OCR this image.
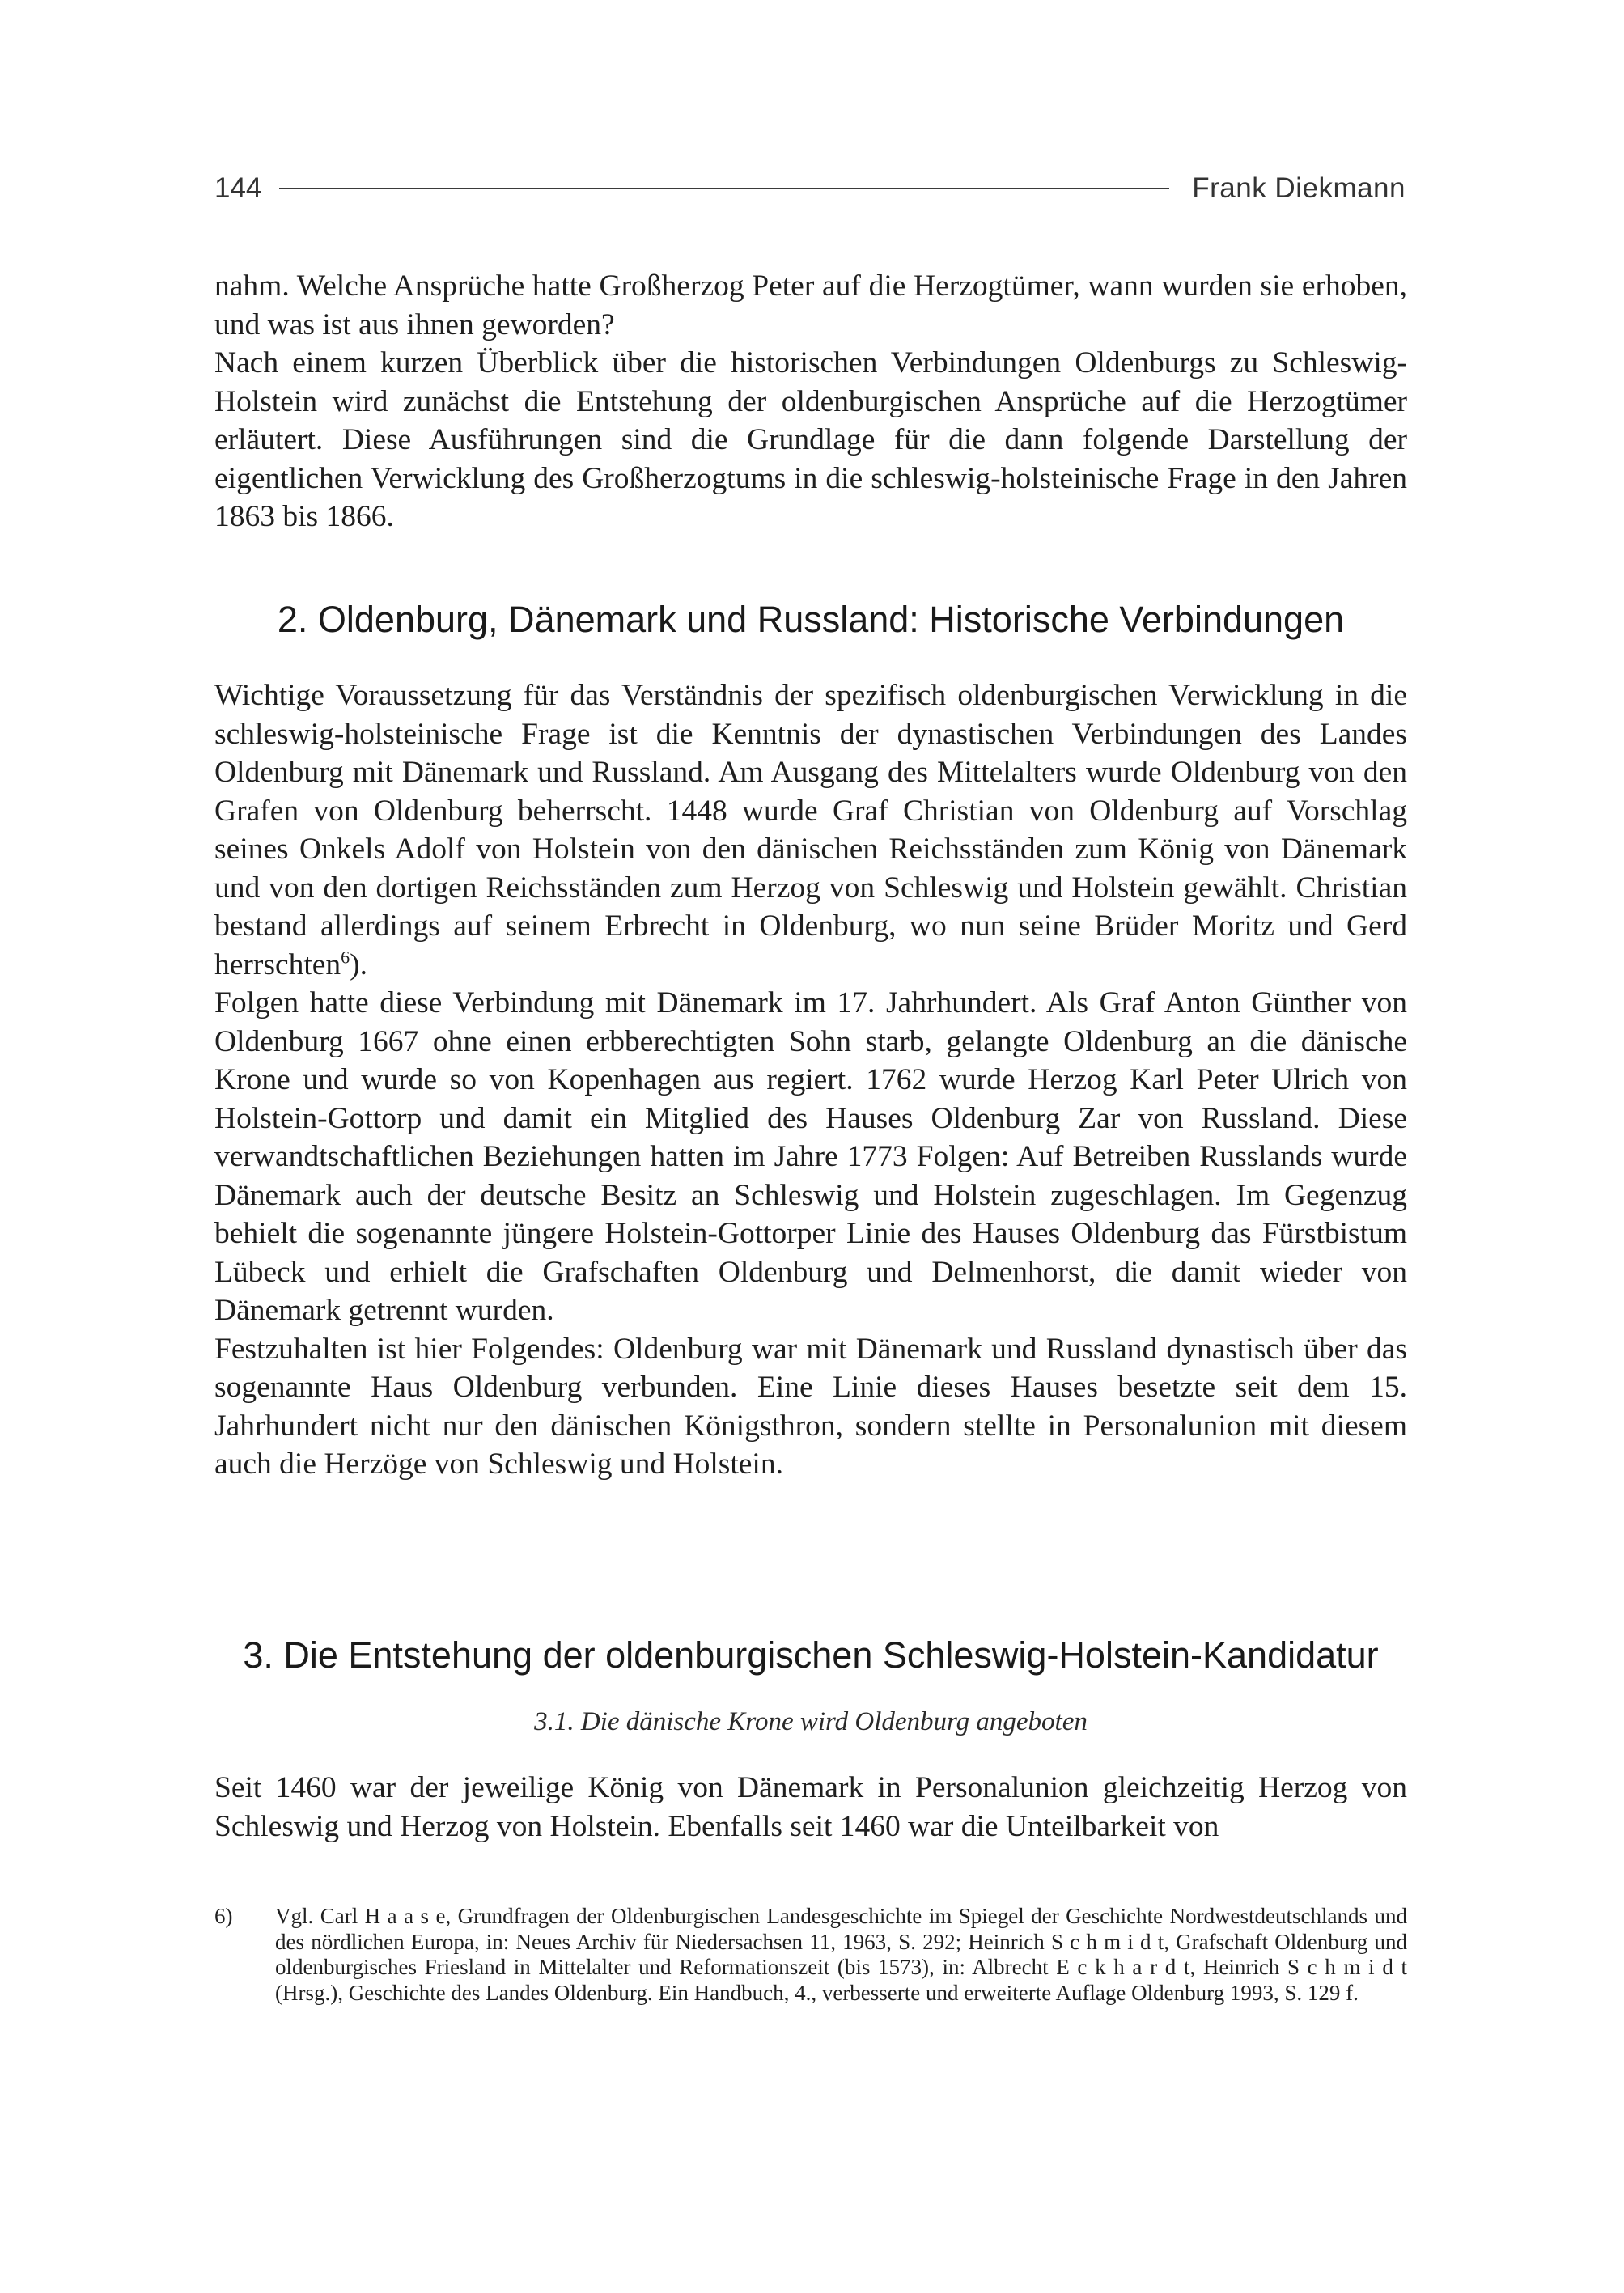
144	Frank Diekmann

nahm. Welche Ansprüche hatte Großherzog Peter auf die Herzogtümer, wann wurden sie erhoben, und was ist aus ihnen geworden?

Nach einem kurzen Überblick über die historischen Verbindungen Oldenburgs zu Schleswig-Holstein wird zunächst die Entstehung der oldenburgischen Ansprüche auf die Herzogtümer erläutert. Diese Ausführungen sind die Grundlage für die dann folgende Darstellung der eigentlichen Verwicklung des Großherzogtums in die schleswig-holsteinische Frage in den Jahren 1863 bis 1866.

2. Oldenburg, Dänemark und Russland: Historische Verbindungen

Wichtige Voraussetzung für das Verständnis der spezifisch oldenburgischen Verwicklung in die schleswig-holsteinische Frage ist die Kenntnis der dynastischen Verbindungen des Landes Oldenburg mit Dänemark und Russland. Am Ausgang des Mittelalters wurde Oldenburg von den Grafen von Oldenburg beherrscht. 1448 wurde Graf Christian von Oldenburg auf Vorschlag seines Onkels Adolf von Holstein von den dänischen Reichsständen zum König von Dänemark und von den dortigen Reichsständen zum Herzog von Schleswig und Holstein gewählt. Christian bestand allerdings auf seinem Erbrecht in Oldenburg, wo nun seine Brüder Moritz und Gerd herrschten$^6$).

Folgen hatte diese Verbindung mit Dänemark im 17. Jahrhundert. Als Graf Anton Günther von Oldenburg 1667 ohne einen erbberechtigten Sohn starb, gelangte Oldenburg an die dänische Krone und wurde so von Kopenhagen aus regiert. 1762 wurde Herzog Karl Peter Ulrich von Holstein-Gottorp und damit ein Mitglied des Hauses Oldenburg Zar von Russland. Diese verwandtschaftlichen Beziehungen hatten im Jahre 1773 Folgen: Auf Betreiben Russlands wurde Dänemark auch der deutsche Besitz an Schleswig und Holstein zugeschlagen. Im Gegenzug behielt die sogenannte jüngere Holstein-Gottorper Linie des Hauses Oldenburg das Fürstbistum Lübeck und erhielt die Grafschaften Oldenburg und Delmenhorst, die damit wieder von Dänemark getrennt wurden.

Festzuhalten ist hier Folgendes: Oldenburg war mit Dänemark und Russland dynastisch über das sogenannte Haus Oldenburg verbunden. Eine Linie dieses Hauses besetzte seit dem 15. Jahrhundert nicht nur den dänischen Königsthron, sondern stellte in Personalunion mit diesem auch die Herzöge von Schleswig und Holstein.

3. Die Entstehung der oldenburgischen Schleswig-Holstein-Kandidatur
3.1. Die dänische Krone wird Oldenburg angeboten

Seit 1460 war der jeweilige König von Dänemark in Personalunion gleichzeitig Herzog von Schleswig und Herzog von Holstein. Ebenfalls seit 1460 war die Unteilbarkeit von

6)	Vgl. Carl H a a s e, Grundfragen der Oldenburgischen Landesgeschichte im Spiegel der Geschichte Nordwestdeutschlands und des nördlichen Europa, in: Neues Archiv für Niedersachsen 11, 1963, S. 292; Heinrich S c h m i d t, Grafschaft Oldenburg und oldenburgisches Friesland in Mittelalter und Reformationszeit (bis 1573), in: Albrecht E c k h a r d t, Heinrich S c h m i d t (Hrsg.), Geschichte des Landes Oldenburg. Ein Handbuch, 4., verbesserte und erweiterte Auflage Oldenburg 1993, S. 129 f.
